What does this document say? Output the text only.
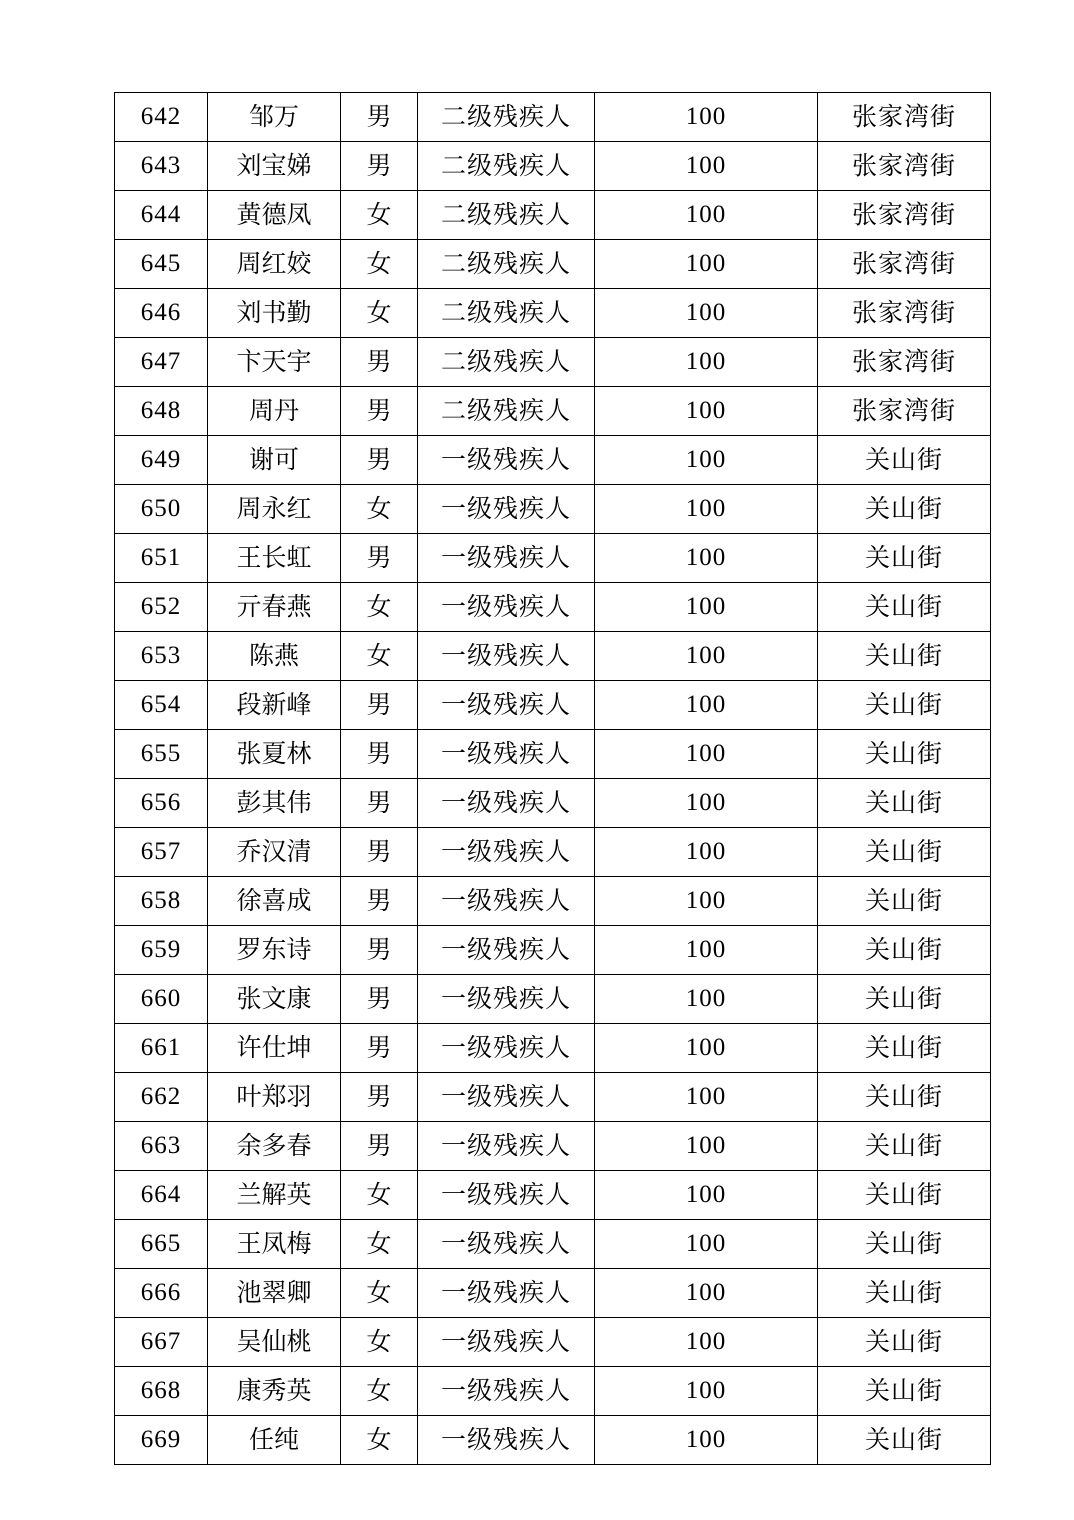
642	邹万	男	二级残疾人	100	张家湾街
643	刘宝娣	男	二级残疾人	100	张家湾街
644	黄德凤	女	二级残疾人	100	张家湾街
645	周红姣	女	二级残疾人	100	张家湾街
646	刘书勤	女	二级残疾人	100	张家湾街
647	卞天宇	男	二级残疾人	100	张家湾街
648	周丹	男	二级残疾人	100	张家湾街
649	谢可	男	一级残疾人	100	关山街
650	周永红	女	一级残疾人	100	关山街
651	王长虹	男	一级残疾人	100	关山街
652	亓春燕	女	一级残疾人	100	关山街
653	陈燕	女	一级残疾人	100	关山街
654	段新峰	男	一级残疾人	100	关山街
655	张夏林	男	一级残疾人	100	关山街
656	彭其伟	男	一级残疾人	100	关山街
657	乔汉清	男	一级残疾人	100	关山街
658	徐喜成	男	一级残疾人	100	关山街
659	罗东诗	男	一级残疾人	100	关山街
660	张文康	男	一级残疾人	100	关山街
661	许仕坤	男	一级残疾人	100	关山街
662	叶郑羽	男	一级残疾人	100	关山街
663	余多春	男	一级残疾人	100	关山街
664	兰解英	女	一级残疾人	100	关山街
665	王凤梅	女	一级残疾人	100	关山街
666	池翠卿	女	一级残疾人	100	关山街
667	吴仙桃	女	一级残疾人	100	关山街
668	康秀英	女	一级残疾人	100	关山街
669	任纯	女	一级残疾人	100	关山街
